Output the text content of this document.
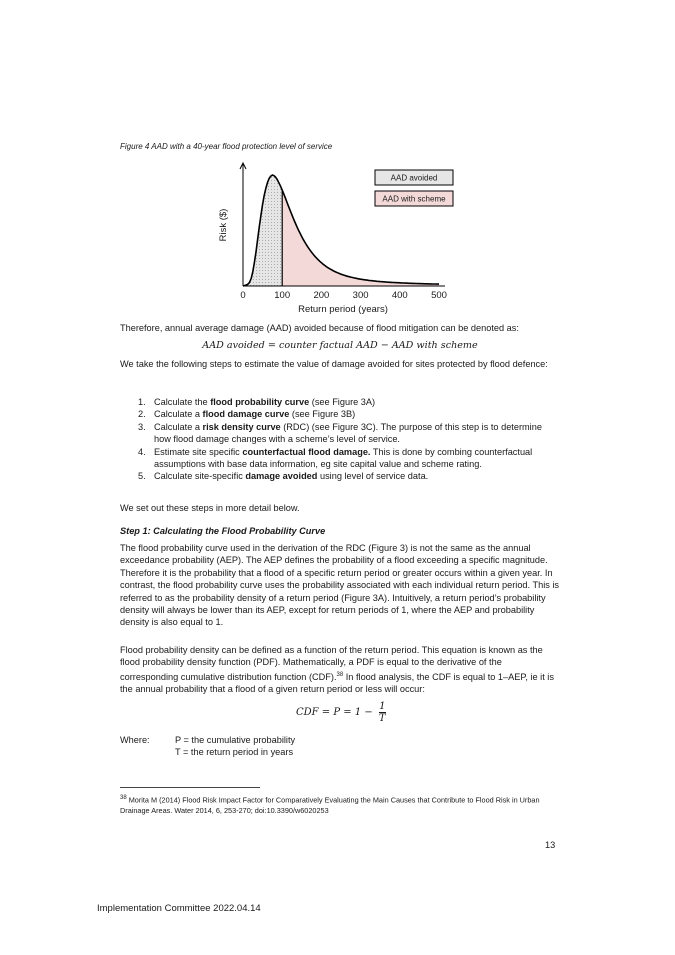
Figure 4 AAD with a 40-year flood protection level of service
0	100 200 300 400 500
Return period (years)
Risk ($)
AAD avoided
AAD with scheme

Therefore, annual average damage (AAD) avoided because of flood mitigation can be denoted as:

AAD avoided = counter factual AAD − AAD with scheme

We take the following steps to estimate the value of damage avoided for sites protected by flood defence:

1. Calculate the flood probability curve (see Figure 3A)
2. Calculate a flood damage curve (see Figure 3B)
3. Calculate a risk density curve (RDC) (see Figure 3C). The purpose of this step is to determine how flood damage changes with a scheme’s level of service.
4. Estimate site specific counterfactual flood damage. This is done by combing counterfactual assumptions with base data information, eg site capital value and scheme rating.
5. Calculate site-specific damage avoided using level of service data.

We set out these steps in more detail below.

Step 1: Calculating the Flood Probability Curve

The flood probability curve used in the derivation of the RDC (Figure 3) is not the same as the annual exceedance probability (AEP). The AEP defines the probability of a flood exceeding a specific magnitude. Therefore it is the probability that a flood of a specific return period or greater occurs within a given year. In contrast, the flood probability curve uses the probability associated with each individual return period. This is referred to as the probability density of a return period (Figure 3A). Intuitively, a return period’s probability density will always be lower than its AEP, except for return periods of 1, where the AEP and probability density is also equal to 1.

Flood probability density can be defined as a function of the return period. This equation is known as the flood probability density function (PDF). Mathematically, a PDF is equal to the derivative of the corresponding cumulative distribution function (CDF).$^{38}$ In flood analysis, the CDF is equal to 1–AEP, ie it is the annual probability that a flood of a given return period or less will occur:

CDF = $P = 1 - \frac{1}{T}$
Where:	P = the cumulative probability
T = the return period in years
$^{38}$ Morita M (2014) Flood Risk Impact Factor for Comparatively Evaluating the Main Causes that Contribute to Flood Risk in Urban Drainage Areas. Water 2014, 6, 253-270; doi:10.3390/w6020253
13
Implementation Committee 2022.04.14
